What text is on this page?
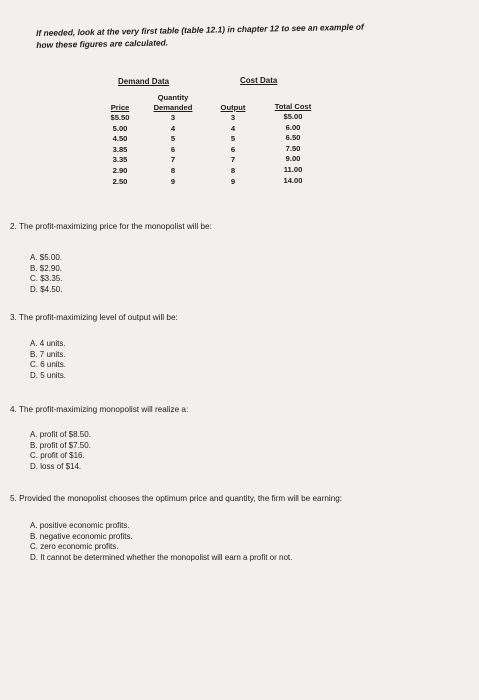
If needed, look at the very first table (table 12.1) in chapter 12 to see an example of
how these figures are calculated.
Demand Data	Cost Data
Price
$5.50
5.00
4.50
3.85
3.35
2.90
2.50
Quantity
Demanded
3
4
5
6
7
8
9
Output
3
4
5
6
7
8
9
Total Cost
$5.00
6.00
6.50
7.50
9.00
11.00
14.00
2. The profit-maximizing price for the monopolist will be:
A. $5.00.
B. $2.90.
C. $3.35.
D. $4.50.
3. The profit-maximizing level of output will be:
A. 4 units.
B. 7 units.
C. 6 units.
D. 5 units.
4. The profit-maximizing monopolist will realize a:
A. profit of $8.50.
B. profit of $7.50.
C. profit of $16.
D. loss of $14.
5. Provided the monopolist chooses the optimum price and quantity, the firm will be earning:
A. positive economic profits.
B. negative economic profits.
C. zero economic profits.
D. It cannot be determined whether the monopolist will earn a profit or not.
